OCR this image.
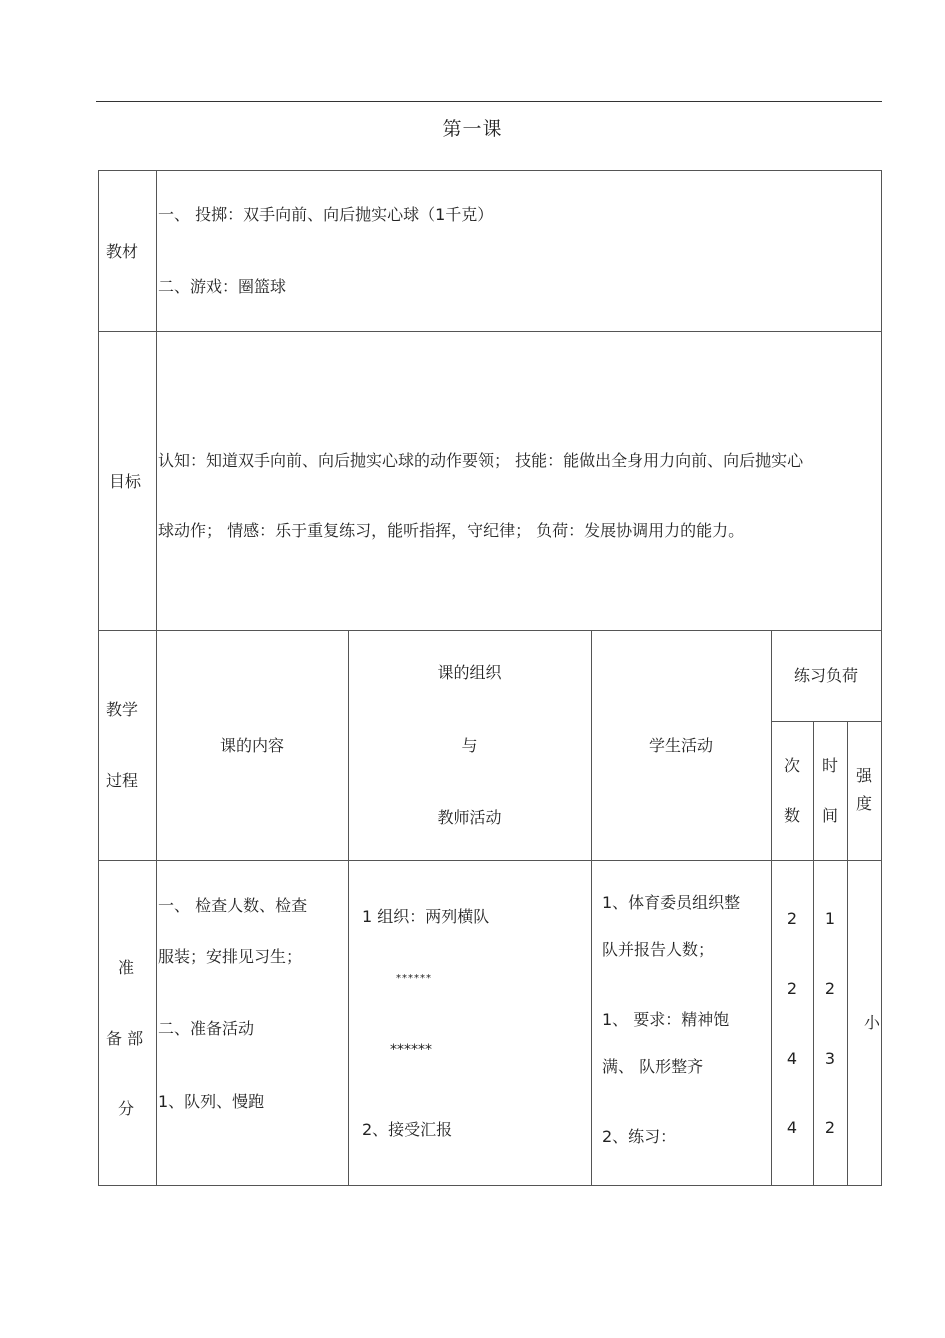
第一课
教材
一、 投掷：双手向前、向后抛实心球（1千克）
二、游戏：圈篮球
目标
认知：知道双手向前、向后抛实心球的动作要领； 技能：能做出全身用力向前、向后抛实心
球动作； 情感：乐于重复练习，能听指挥，守纪律； 负荷：发展协调用力的能力。
教学
过程
课的内容
课的组织
与
教师活动
学生活动
练习负荷
次
数
时
间
强
度
准
备 部
分
一、 检查人数、检查
服装；安排见习生；
二、准备活动
1、队列、慢跑
1 组织：两列横队
******
******
2、接受汇报
1、体育委员组织整
队并报告人数；
1、 要求：精神饱
满、 队形整齐
2、练习：
2
2
4
4
1
2
3
2
小
